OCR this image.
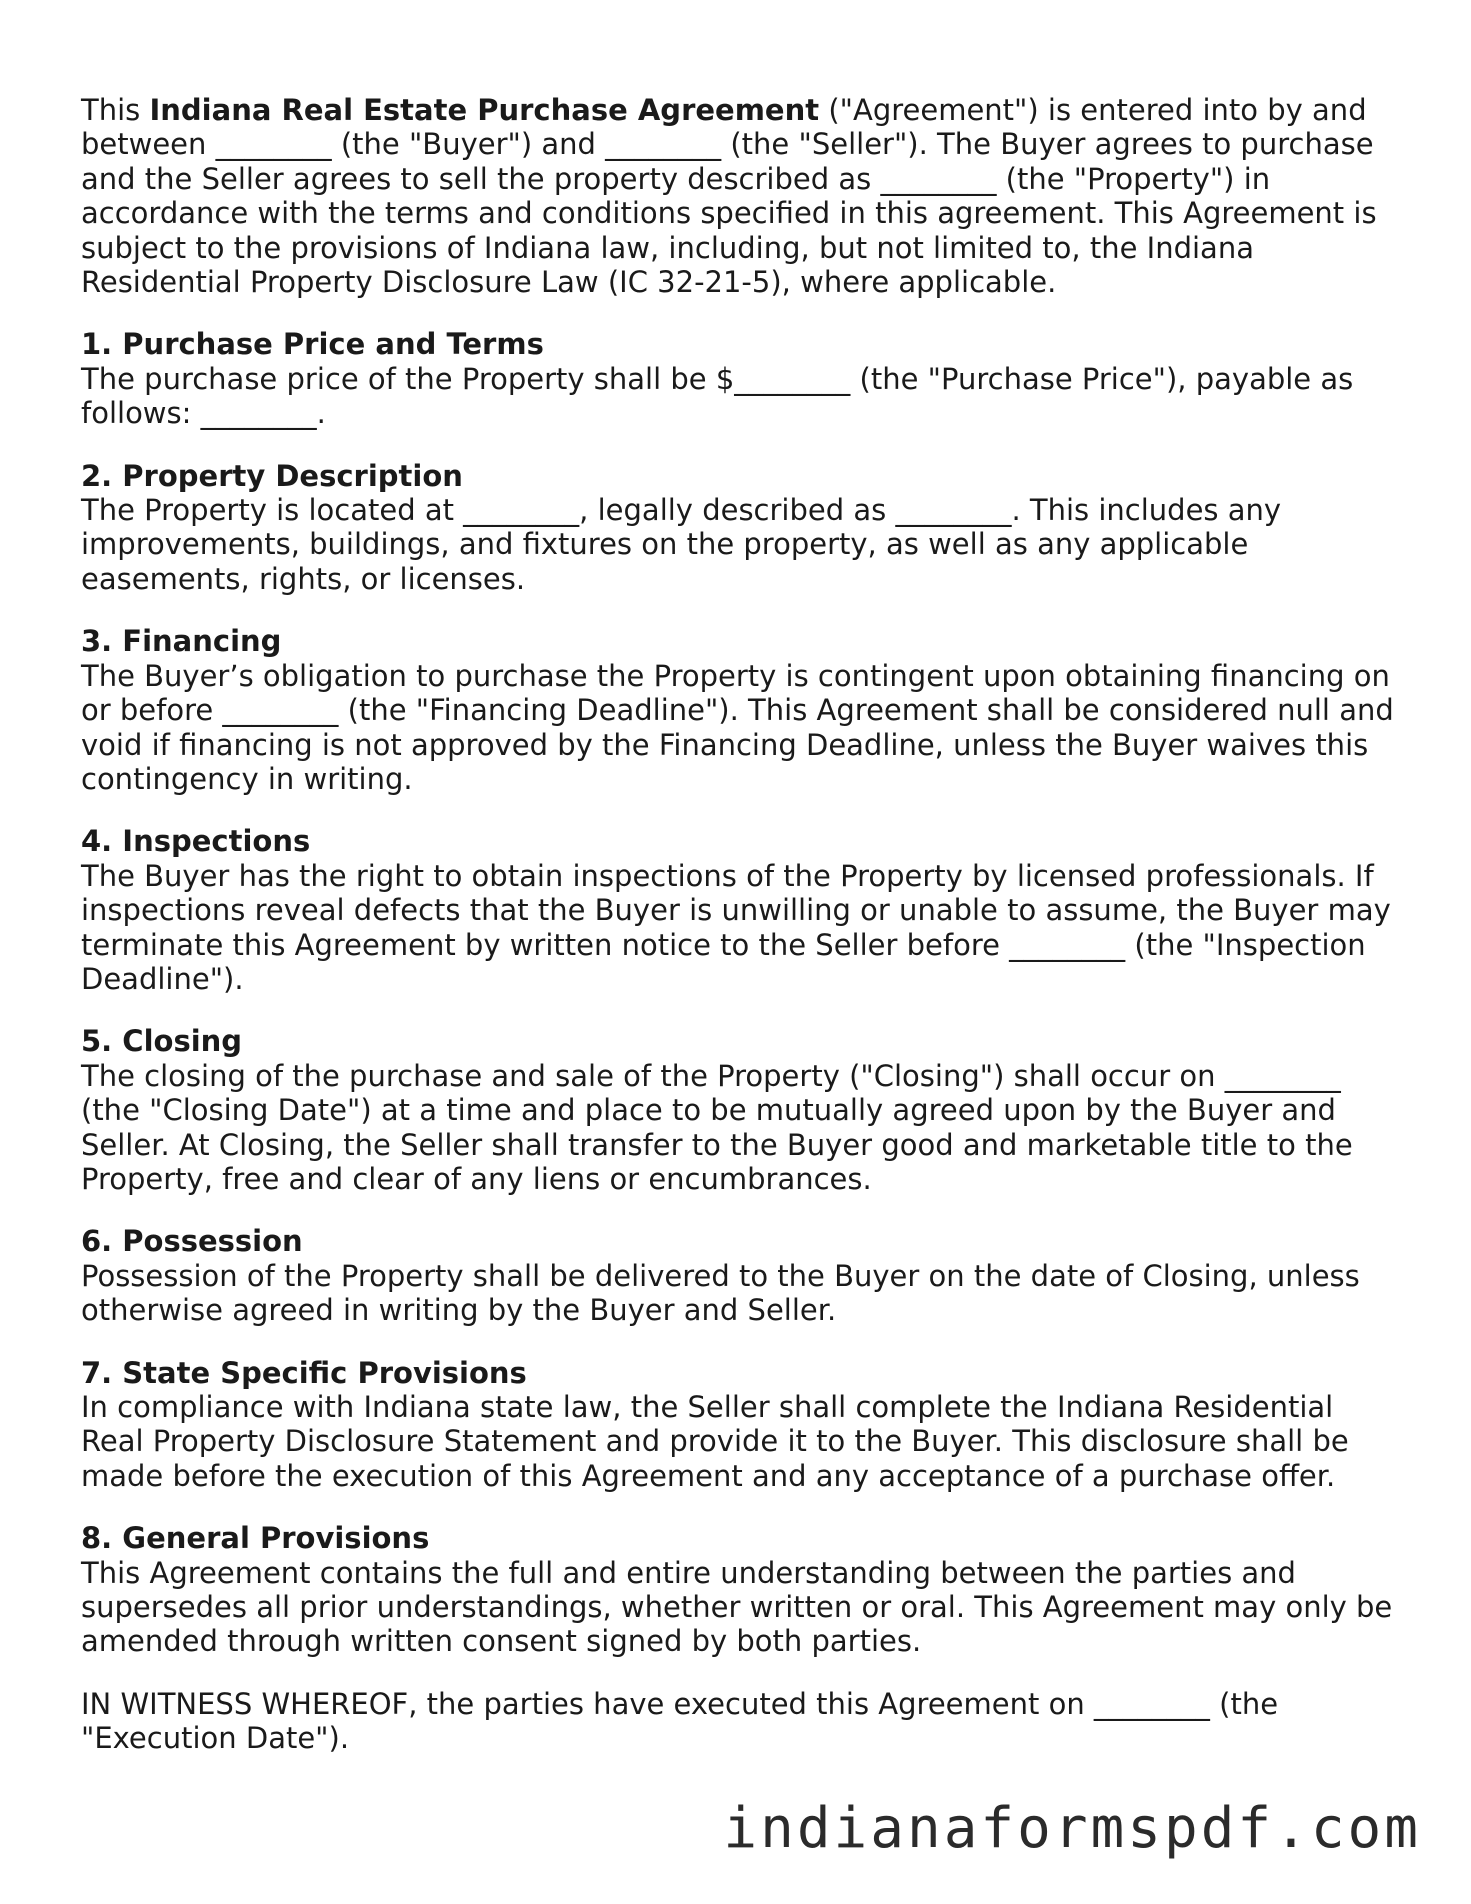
This Indiana Real Estate Purchase Agreement ("Agreement") is entered into by and between ________ (the "Buyer") and ________ (the "Seller"). The Buyer agrees to purchase and the Seller agrees to sell the property described as ________ (the "Property") in accordance with the terms and conditions specified in this agreement. This Agreement is subject to the provisions of Indiana law, including, but not limited to, the Indiana Residential Property Disclosure Law (IC 32-21-5), where applicable.

1. Purchase Price and Terms

The purchase price of the Property shall be $________ (the "Purchase Price"), payable as follows: ________.

2. Property Description

The Property is located at ________, legally described as ________. This includes any improvements, buildings, and fixtures on the property, as well as any applicable easements, rights, or licenses.

3. Financing

The Buyer’s obligation to purchase the Property is contingent upon obtaining financing on or before ________ (the "Financing Deadline"). This Agreement shall be considered null and void if financing is not approved by the Financing Deadline, unless the Buyer waives this contingency in writing.

4. Inspections

The Buyer has the right to obtain inspections of the Property by licensed professionals. If inspections reveal defects that the Buyer is unwilling or unable to assume, the Buyer may terminate this Agreement by written notice to the Seller before ________ (the "Inspection Deadline").

5. Closing

The closing of the purchase and sale of the Property ("Closing") shall occur on ________ (the "Closing Date") at a time and place to be mutually agreed upon by the Buyer and Seller. At Closing, the Seller shall transfer to the Buyer good and marketable title to the Property, free and clear of any liens or encumbrances.

6. Possession

Possession of the Property shall be delivered to the Buyer on the date of Closing, unless otherwise agreed in writing by the Buyer and Seller.

7. State Specific Provisions

In compliance with Indiana state law, the Seller shall complete the Indiana Residential Real Property Disclosure Statement and provide it to the Buyer. This disclosure shall be made before the execution of this Agreement and any acceptance of a purchase offer.

8. General Provisions

This Agreement contains the full and entire understanding between the parties and supersedes all prior understandings, whether written or oral. This Agreement may only be amended through written consent signed by both parties.

IN WITNESS WHEREOF, the parties have executed this Agreement on ________ (the "Execution Date").

indianaformspdf.com
